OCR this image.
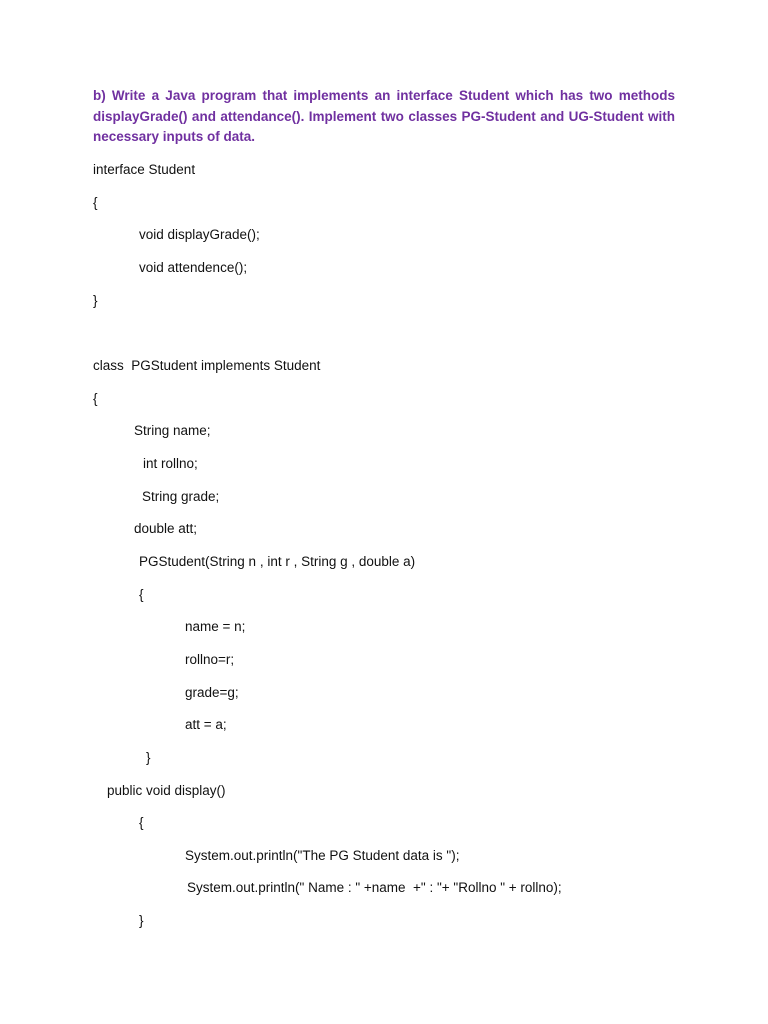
b) Write a Java program that implements an interface Student which has two methods displayGrade() and attendance(). Implement two classes PG-Student and UG-Student with necessary inputs of data.
interface Student
{
void displayGrade();
void attendence();
}
class  PGStudent implements Student
{
String name;
int rollno;
String grade;
double att;
PGStudent(String n , int r , String g , double a)
{
name = n;
rollno=r;
grade=g;
att = a;
}
public void display()
{
System.out.println("The PG Student data is ");
System.out.println(" Name : " +name  +" : "+ "Rollno " + rollno);
}
